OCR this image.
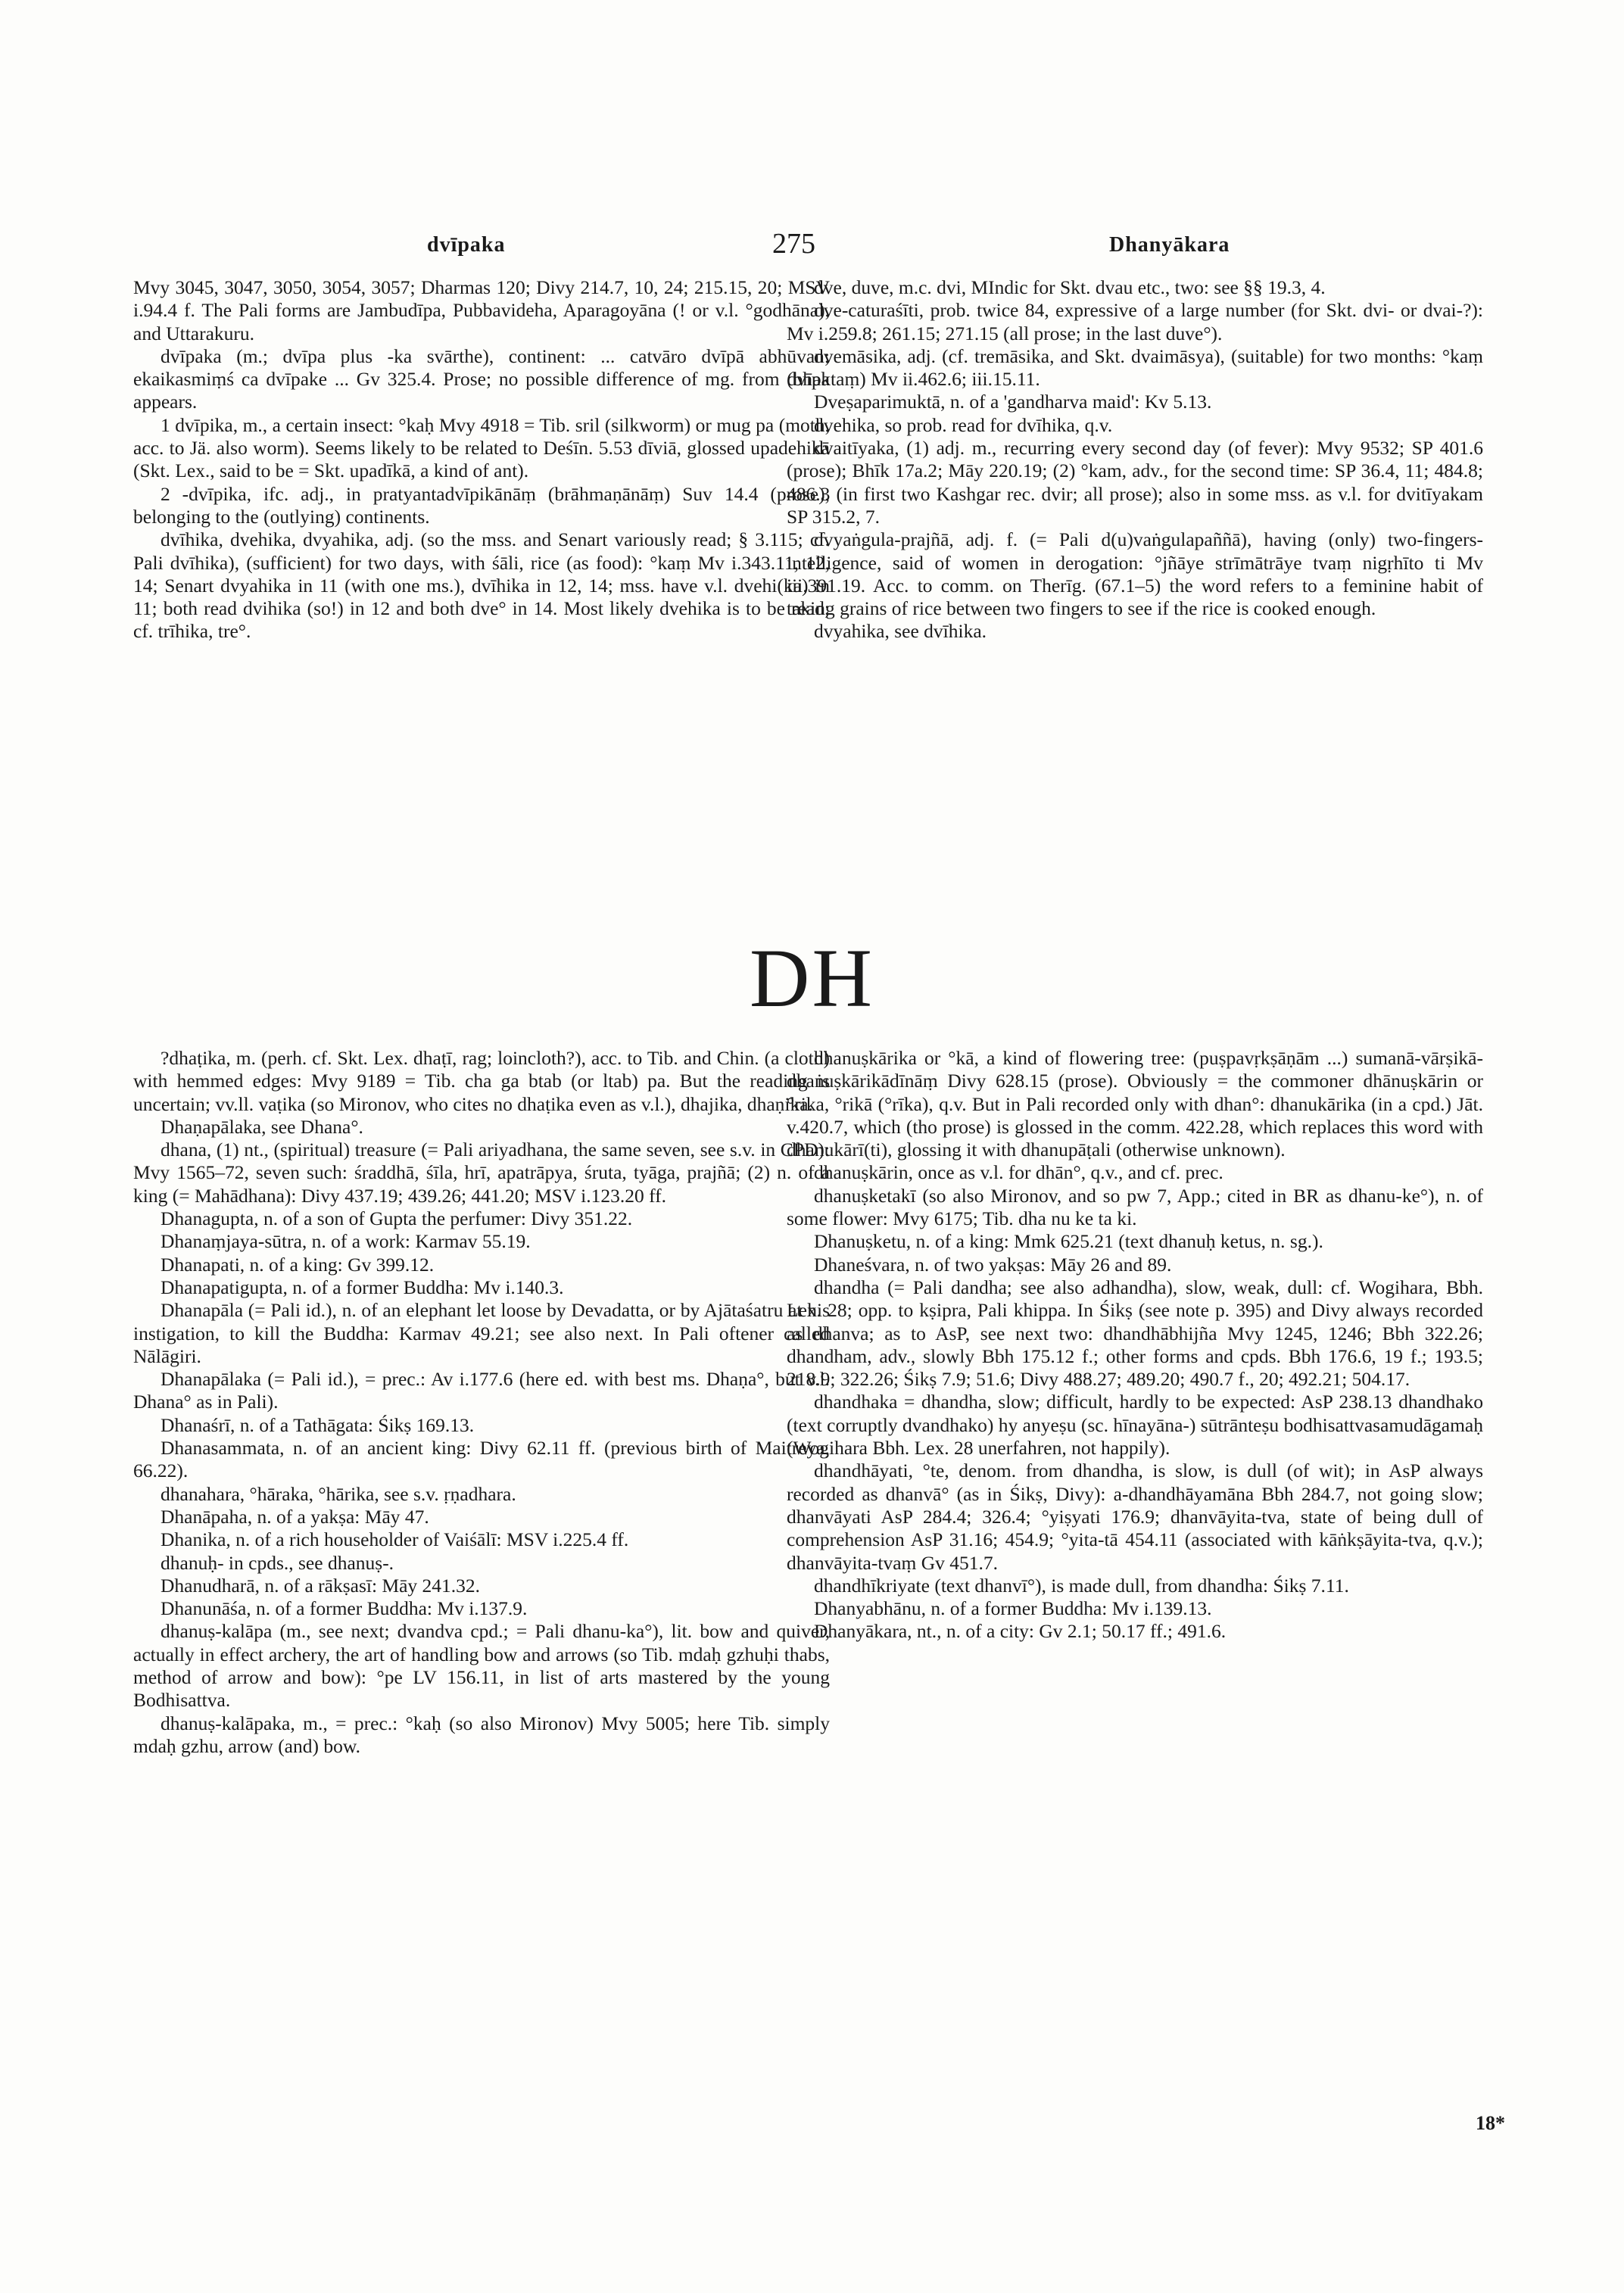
dvīpaka	275	Dhanyākara

Mvy 3045, 3047, 3050, 3054, 3057; Dharmas 120; Divy 214.7, 10, 24; 215.15, 20; MSV i.94.4 f. The Pali forms are Jambudīpa, Pubbavideha, Aparagoyāna (! or v.l. °godhāna), and Uttarakuru.

dvīpaka (m.; dvīpa plus -ka svārthe), continent: ... catvāro dvīpā abhūvan; ekaikasmiṃś ca dvīpake ... Gv 325.4. Prose; no possible difference of mg. from dvīpa appears.

1 dvīpika, m., a certain insect: °kaḥ Mvy 4918 = Tib. sril (silkworm) or mug pa (moth, acc. to Jä. also worm). Seems likely to be related to Deśīn. 5.53 dīviā, glossed upadehikā (Skt. Lex., said to be = Skt. upadīkā, a kind of ant).

2 -dvīpika, ifc. adj., in pratyantadvīpikānāṃ (brāhmaṇānāṃ) Suv 14.4 (prose), belonging to the (outlying) continents.

dvīhika, dvehika, dvyahika, adj. (so the mss. and Senart variously read; § 3.115; cf. Pali dvīhika), (sufficient) for two days, with śāli, rice (as food): °kaṃ Mv i.343.11, 12, 14; Senart dvyahika in 11 (with one ms.), dvīhika in 12, 14; mss. have v.l. dvehi(ka) in 11; both read dvihika (so!) in 12 and both dve° in 14. Most likely dvehika is to be read; cf. trīhika, tre°.

dve, duve, m.c. dvi, MIndic for Skt. dvau etc., two: see §§ 19.3, 4.

dve-caturaśīti, prob. twice 84, expressive of a large number (for Skt. dvi- or dvai-?): Mv i.259.8; 261.15; 271.15 (all prose; in the last duve°).

dvemāsika, adj. (cf. tremāsika, and Skt. dvaimāsya), (suitable) for two months: °kaṃ (bhaktaṃ) Mv ii.462.6; iii.15.11.

Dveṣaparimuktā, n. of a 'gandharva maid': Kv 5.13.

dvehika, so prob. read for dvīhika, q.v.

dvaitīyaka, (1) adj. m., recurring every second day (of fever): Mvy 9532; SP 401.6 (prose); Bhīk 17a.2; Māy 220.19; (2) °kam, adv., for the second time: SP 36.4, 11; 484.8; 486.3 (in first two Kashgar rec. dvir; all prose); also in some mss. as v.l. for dvitīyakam SP 315.2, 7.

dvyaṅgula-prajñā, adj. f. (= Pali d(u)vaṅgulapaññā), having (only) two-fingers-intelligence, said of women in derogation: °jñāye strīmātrāye tvaṃ nigṛhīto ti Mv iii.391.19. Acc. to comm. on Therīg. (67.1–5) the word refers to a feminine habit of taking grains of rice between two fingers to see if the rice is cooked enough.

dvyahika, see dvīhika.

DH

?dhaṭika, m. (perh. cf. Skt. Lex. dhaṭī, rag; loincloth?), acc. to Tib. and Chin. (a cloth) with hemmed edges: Mvy 9189 = Tib. cha ga btab (or ltab) pa. But the reading is uncertain; vv.ll. vaṭika (so Mironov, who cites no dhaṭika even as v.l.), dhajika, dhaṇika.

Dhaṇapālaka, see Dhana°.

dhana, (1) nt., (spiritual) treasure (= Pali ariyadhana, the same seven, see s.v. in CPD): Mvy 1565–72, seven such: śraddhā, śīla, hrī, apatrāpya, śruta, tyāga, prajñā; (2) n. of a king (= Mahādhana): Divy 437.19; 439.26; 441.20; MSV i.123.20 ff.

Dhanagupta, n. of a son of Gupta the perfumer: Divy 351.22.

Dhanaṃjaya-sūtra, n. of a work: Karmav 55.19.

Dhanapati, n. of a king: Gv 399.12.

Dhanapatigupta, n. of a former Buddha: Mv i.140.3.

Dhanapāla (= Pali id.), n. of an elephant let loose by Devadatta, or by Ajātaśatru at his instigation, to kill the Buddha: Karmav 49.21; see also next. In Pali oftener called Nālāgiri.

Dhanapālaka (= Pali id.), = prec.: Av i.177.6 (here ed. with best ms. Dhaṇa°, but v.l. Dhana° as in Pali).

Dhanaśrī, n. of a Tathāgata: Śikṣ 169.13.

Dhanasammata, n. of an ancient king: Divy 62.11 ff. (previous birth of Maitreya, 66.22).

dhanahara, °hāraka, °hārika, see s.v. ṛṇadhara.

Dhanāpaha, n. of a yakṣa: Māy 47.

Dhanika, n. of a rich householder of Vaiśālī: MSV i.225.4 ff.

dhanuḥ- in cpds., see dhanuṣ-.

Dhanudharā, n. of a rākṣasī: Māy 241.32.

Dhanunāśa, n. of a former Buddha: Mv i.137.9.

dhanuṣ-kalāpa (m., see next; dvandva cpd.; = Pali dhanu-ka°), lit. bow and quiver, actually in effect archery, the art of handling bow and arrows (so Tib. mdaḥ gzhuḥi thabs, method of arrow and bow): °pe LV 156.11, in list of arts mastered by the young Bodhisattva.

dhanuṣ-kalāpaka, m., = prec.: °kaḥ (so also Mironov) Mvy 5005; here Tib. simply mdaḥ gzhu, arrow (and) bow.

dhanuṣkārika or °kā, a kind of flowering tree: (puṣpavṛkṣāṇām ...) sumanā-vārṣikā-dhanuṣkārikādīnāṃ Divy 628.15 (prose). Obviously = the commoner dhānuṣkārin or °rika, °rikā (°rīka), q.v. But in Pali recorded only with dhan°: dhanukārika (in a cpd.) Jāt. v.420.7, which (tho prose) is glossed in the comm. 422.28, which replaces this word with dhanukārī(ti), glossing it with dhanupāṭali (otherwise unknown).

dhanuṣkārin, once as v.l. for dhān°, q.v., and cf. prec.

dhanuṣketakī (so also Mironov, and so pw 7, App.; cited in BR as dhanu-ke°), n. of some flower: Mvy 6175; Tib. dha nu ke ta ki.

Dhanuṣketu, n. of a king: Mmk 625.21 (text dhanuḥ ketus, n. sg.).

Dhaneśvara, n. of two yakṣas: Māy 26 and 89.

dhandha (= Pali dandha; see also adhandha), slow, weak, dull: cf. Wogihara, Bbh. Lex. 28; opp. to kṣipra, Pali khippa. In Śikṣ (see note p. 395) and Divy always recorded as dhanva; as to AsP, see next two: dhandhābhijña Mvy 1245, 1246; Bbh 322.26; dhandham, adv., slowly Bbh 175.12 f.; other forms and cpds. Bbh 176.6, 19 f.; 193.5; 218.9; 322.26; Śikṣ 7.9; 51.6; Divy 488.27; 489.20; 490.7 f., 20; 492.21; 504.17.

dhandhaka = dhandha, slow; difficult, hardly to be expected: AsP 238.13 dhandhako (text corruptly dvandhako) hy anyeṣu (sc. hīnayāna-) sūtrānteṣu bodhisattvasamudāgamaḥ (Wogihara Bbh. Lex. 28 unerfahren, not happily).

dhandhāyati, °te, denom. from dhandha, is slow, is dull (of wit); in AsP always recorded as dhanvā° (as in Śikṣ, Divy): a-dhandhāyamāna Bbh 284.7, not going slow; dhanvāyati AsP 284.4; 326.4; °yiṣyati 176.9; dhanvāyita-tva, state of being dull of comprehension AsP 31.16; 454.9; °yita-tā 454.11 (associated with kāṅkṣāyita-tva, q.v.); dhanvāyita-tvaṃ Gv 451.7.

dhandhīkriyate (text dhanvī°), is made dull, from dhandha: Śikṣ 7.11.

Dhanyabhānu, n. of a former Buddha: Mv i.139.13.

Dhanyākara, nt., n. of a city: Gv 2.1; 50.17 ff.; 491.6.

18*
